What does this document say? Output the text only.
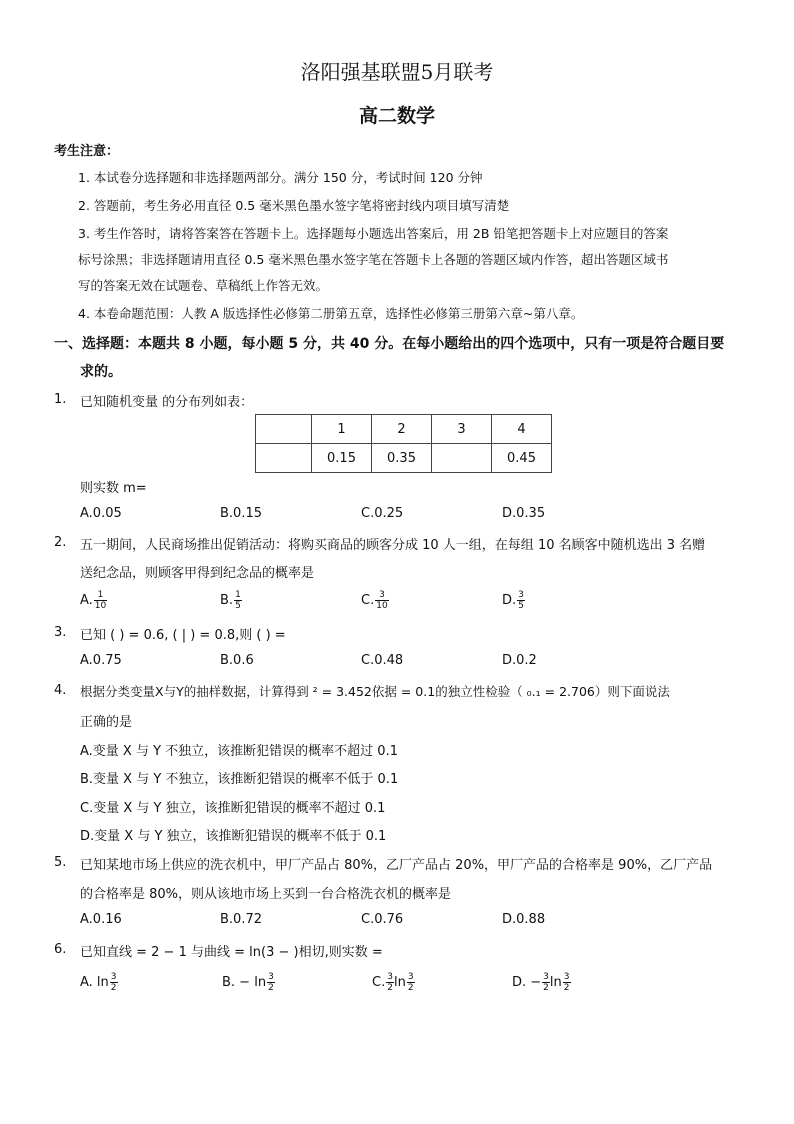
洛阳强基联盟5月联考
高二数学
考生注意：
1. 本试卷分选择题和非选择题两部分。满分 150 分，考试时间 120 分钟
2. 答题前，考生务必用直径 0.5 毫米黑色墨水签字笔将密封线内项目填写清楚
3. 考生作答时，请将答案答在答题卡上。选择题每小题选出答案后，用 2B 铅笔把答题卡上对应题目的答案
标号涂黑；非选择题请用直径 0.5 毫米黑色墨水签字笔在答题卡上各题的答题区域内作答，超出答题区域书
写的答案无效在试题卷、草稿纸上作答无效。
4. 本卷命题范围：人教 A 版选择性必修第二册第五章，选择性必修第三册第六章~第八章。
一、选择题：本题共 8 小题，每小题 5 分，共 40 分。在每小题给出的四个选项中，只有一项是符合题目要
求的。
1. 已知随机变量 的分布列如表：
	1	2	3	4
	0.15	0.35		0.45
则实数 m=
A.0.05	B.0.15	C.0.25	D.0.35
2. 五一期间，人民商场推出促销活动：将购买商品的顾客分成 10 人一组，在每组 10 名顾客中随机选出 3 名赠
送纪念品，则顾客甲得到纪念品的概率是
A. $\frac{1}{10}$	B. $\frac{1}{5}$	C. $\frac{3}{10}$	D. $\frac{3}{5}$
3. 已知 ( ) = 0.6, ( | ) = 0.8,则 ( ) =
A.0.75	B.0.6	C.0.48	D.0.2
4. 根据分类变量X与Y的抽样数据，计算得到 ² = 3.452依据 = 0.1的独立性检验（ ₀.₁ = 2.706）则下面说法
正确的是
A.变量 X 与 Y 不独立，该推断犯错误的概率不超过 0.1
B.变量 X 与 Y 不独立，该推断犯错误的概率不低于 0.1
C.变量 X 与 Y 独立，该推断犯错误的概率不超过 0.1
D.变量 X 与 Y 独立，该推断犯错误的概率不低于 0.1
5. 已知某地市场上供应的洗衣机中，甲厂产品占 80%，乙厂产品占 20%，甲厂产品的合格率是 90%，乙厂产品
的合格率是 80%，则从该地市场上买到一台合格洗衣机的概率是
A.0.16	B.0.72	C.0.76	D.0.88
6. 已知直线 = 2 − 1 与曲线 = ln(3 − )相切,则实数 =
A. $\ln \frac{3}{2}$	B. − $\ln \frac{3}{2}$	C. $\frac{3}{2}$ $\ln \frac{3}{2}$	D. − $\frac{3}{2}$ $\ln \frac{3}{2}$
